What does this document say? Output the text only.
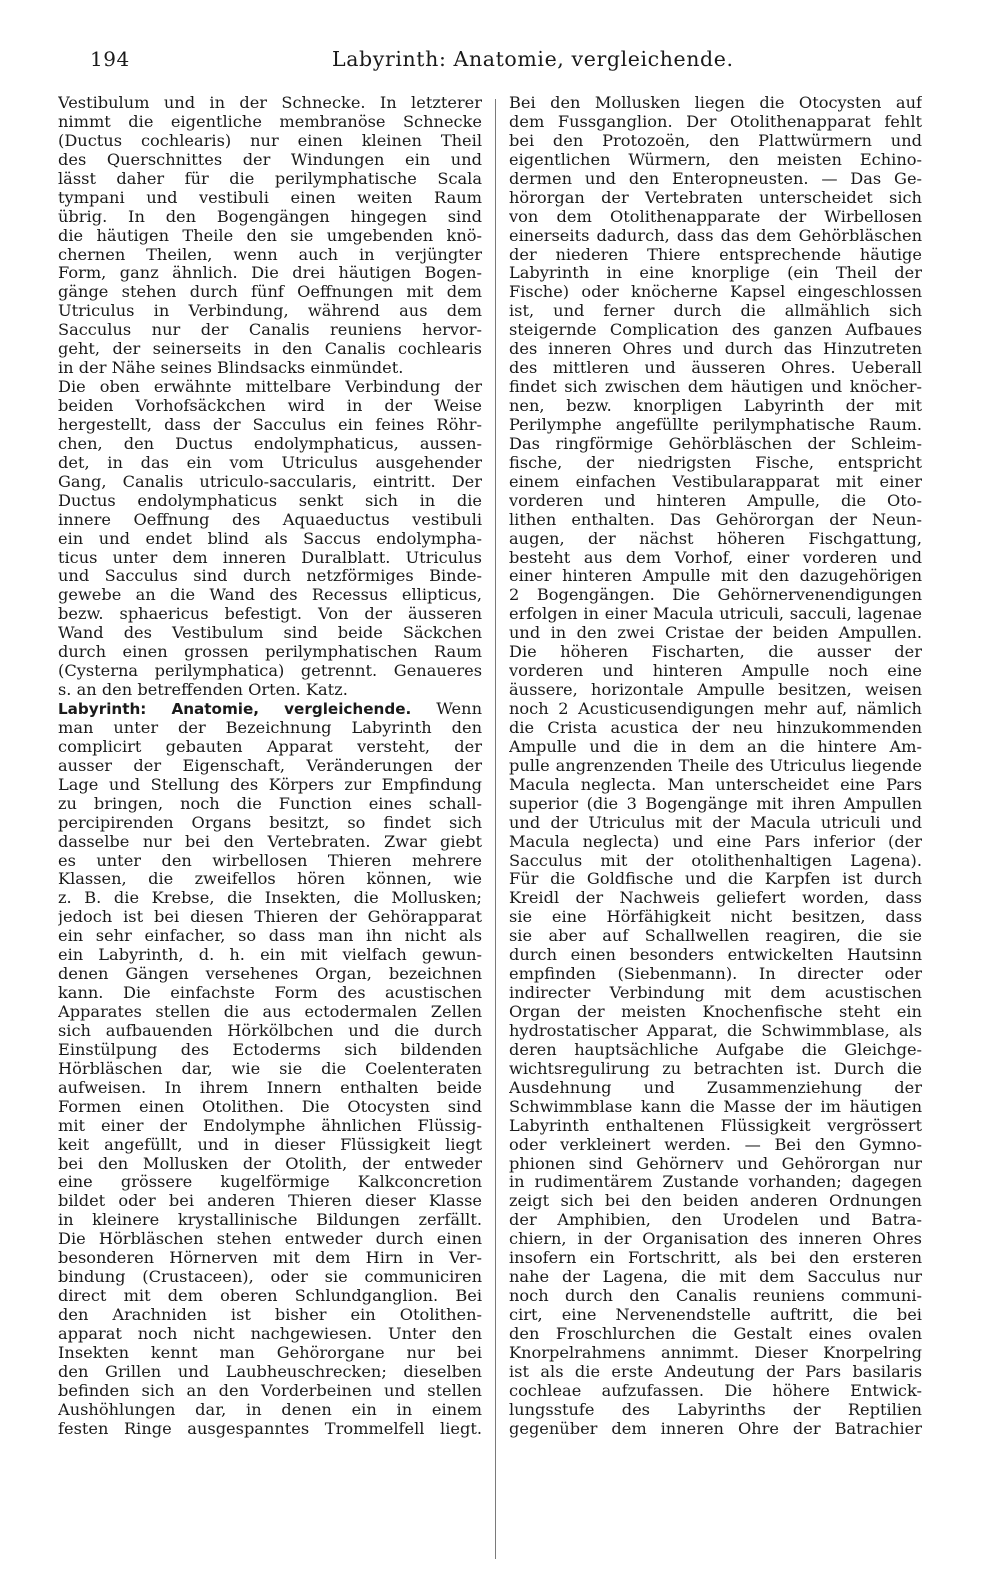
194	Labyrinth: Anatomie, vergleichende.
Vestibulum und in der Schnecke. In letzterer
nimmt die eigentliche membranöse Schnecke
(Ductus cochlearis) nur einen kleinen Theil
des Querschnittes der Windungen ein und
lässt daher für die perilymphatische Scala
tympani und vestibuli einen weiten Raum
übrig. In den Bogengängen hingegen sind
die häutigen Theile den sie umgebenden knö-
chernen Theilen, wenn auch in verjüngter
Form, ganz ähnlich. Die drei häutigen Bogen-
gänge stehen durch fünf Oeffnungen mit dem
Utriculus in Verbindung, während aus dem
Sacculus nur der Canalis reuniens hervor-
geht, der seinerseits in den Canalis cochlearis
in der Nähe seines Blindsacks einmündet.
Die oben erwähnte mittelbare Verbindung der
beiden Vorhofsäckchen wird in der Weise
hergestellt, dass der Sacculus ein feines Röhr-
chen, den Ductus endolymphaticus, aussen-
det, in das ein vom Utriculus ausgehender
Gang, Canalis utriculo-saccularis, eintritt. Der
Ductus endolymphaticus senkt sich in die
innere Oeffnung des Aquaeductus vestibuli
ein und endet blind als Saccus endolympha-
ticus unter dem inneren Duralblatt. Utriculus
und Sacculus sind durch netzförmiges Binde-
gewebe an die Wand des Recessus ellipticus,
bezw. sphaericus befestigt. Von der äusseren
Wand des Vestibulum sind beide Säckchen
durch einen grossen perilymphatischen Raum
(Cysterna perilymphatica) getrennt. Genaueres
s. an den betreffenden Orten. Katz.
Labyrinth: Anatomie, vergleichende. Wenn
man unter der Bezeichnung Labyrinth den
complicirt gebauten Apparat versteht, der
ausser der Eigenschaft, Veränderungen der
Lage und Stellung des Körpers zur Empfindung
zu bringen, noch die Function eines schall-
percipirenden Organs besitzt, so findet sich
dasselbe nur bei den Vertebraten. Zwar giebt
es unter den wirbellosen Thieren mehrere
Klassen, die zweifellos hören können, wie
z. B. die Krebse, die Insekten, die Mollusken;
jedoch ist bei diesen Thieren der Gehörapparat
ein sehr einfacher, so dass man ihn nicht als
ein Labyrinth, d. h. ein mit vielfach gewun-
denen Gängen versehenes Organ, bezeichnen
kann. Die einfachste Form des acustischen
Apparates stellen die aus ectodermalen Zellen
sich aufbauenden Hörkölbchen und die durch
Einstülpung des Ectoderms sich bildenden
Hörbläschen dar, wie sie die Coelenteraten
aufweisen. In ihrem Innern enthalten beide
Formen einen Otolithen. Die Otocysten sind
mit einer der Endolymphe ähnlichen Flüssig-
keit angefüllt, und in dieser Flüssigkeit liegt
bei den Mollusken der Otolith, der entweder
eine grössere kugelförmige Kalkconcretion
bildet oder bei anderen Thieren dieser Klasse
in kleinere krystallinische Bildungen zerfällt.
Die Hörbläschen stehen entweder durch einen
besonderen Hörnerven mit dem Hirn in Ver-
bindung (Crustaceen), oder sie communiciren
direct mit dem oberen Schlundganglion. Bei
den Arachniden ist bisher ein Otolithen-
apparat noch nicht nachgewiesen. Unter den
Insekten kennt man Gehörorgane nur bei
den Grillen und Laubheuschrecken; dieselben
befinden sich an den Vorderbeinen und stellen
Aushöhlungen dar, in denen ein in einem
festen Ringe ausgespanntes Trommelfell liegt.
Bei den Mollusken liegen die Otocysten auf
dem Fussganglion. Der Otolithenapparat fehlt
bei den Protozoën, den Plattwürmern und
eigentlichen Würmern, den meisten Echino-
dermen und den Enteropneusten. — Das Ge-
hörorgan der Vertebraten unterscheidet sich
von dem Otolithenapparate der Wirbellosen
einerseits dadurch, dass das dem Gehörbläschen
der niederen Thiere entsprechende häutige
Labyrinth in eine knorplige (ein Theil der
Fische) oder knöcherne Kapsel eingeschlossen
ist, und ferner durch die allmählich sich
steigernde Complication des ganzen Aufbaues
des inneren Ohres und durch das Hinzutreten
des mittleren und äusseren Ohres. Ueberall
findet sich zwischen dem häutigen und knöcher-
nen, bezw. knorpligen Labyrinth der mit
Perilymphe angefüllte perilymphatische Raum.
Das ringförmige Gehörbläschen der Schleim-
fische, der niedrigsten Fische, entspricht
einem einfachen Vestibularapparat mit einer
vorderen und hinteren Ampulle, die Oto-
lithen enthalten. Das Gehörorgan der Neun-
augen, der nächst höheren Fischgattung,
besteht aus dem Vorhof, einer vorderen und
einer hinteren Ampulle mit den dazugehörigen
2 Bogengängen. Die Gehörnervenendigungen
erfolgen in einer Macula utriculi, sacculi, lagenae
und in den zwei Cristae der beiden Ampullen.
Die höheren Fischarten, die ausser der
vorderen und hinteren Ampulle noch eine
äussere, horizontale Ampulle besitzen, weisen
noch 2 Acusticusendigungen mehr auf, nämlich
die Crista acustica der neu hinzukommenden
Ampulle und die in dem an die hintere Am-
pulle angrenzenden Theile des Utriculus liegende
Macula neglecta. Man unterscheidet eine Pars
superior (die 3 Bogengänge mit ihren Ampullen
und der Utriculus mit der Macula utriculi und
Macula neglecta) und eine Pars inferior (der
Sacculus mit der otolithenhaltigen Lagena).
Für die Goldfische und die Karpfen ist durch
Kreidl der Nachweis geliefert worden, dass
sie eine Hörfähigkeit nicht besitzen, dass
sie aber auf Schallwellen reagiren, die sie
durch einen besonders entwickelten Hautsinn
empfinden (Siebenmann). In directer oder
indirecter Verbindung mit dem acustischen
Organ der meisten Knochenfische steht ein
hydrostatischer Apparat, die Schwimmblase, als
deren hauptsächliche Aufgabe die Gleichge-
wichtsregulirung zu betrachten ist. Durch die
Ausdehnung und Zusammenziehung der
Schwimmblase kann die Masse der im häutigen
Labyrinth enthaltenen Flüssigkeit vergrössert
oder verkleinert werden. — Bei den Gymno-
phionen sind Gehörnerv und Gehörorgan nur
in rudimentärem Zustande vorhanden; dagegen
zeigt sich bei den beiden anderen Ordnungen
der Amphibien, den Urodelen und Batra-
chiern, in der Organisation des inneren Ohres
insofern ein Fortschritt, als bei den ersteren
nahe der Lagena, die mit dem Sacculus nur
noch durch den Canalis reuniens communi-
cirt, eine Nervenendstelle auftritt, die bei
den Froschlurchen die Gestalt eines ovalen
Knorpelrahmens annimmt. Dieser Knorpelring
ist als die erste Andeutung der Pars basilaris
cochleae aufzufassen. Die höhere Entwick-
lungsstufe des Labyrinths der Reptilien
gegenüber dem inneren Ohre der Batrachier
